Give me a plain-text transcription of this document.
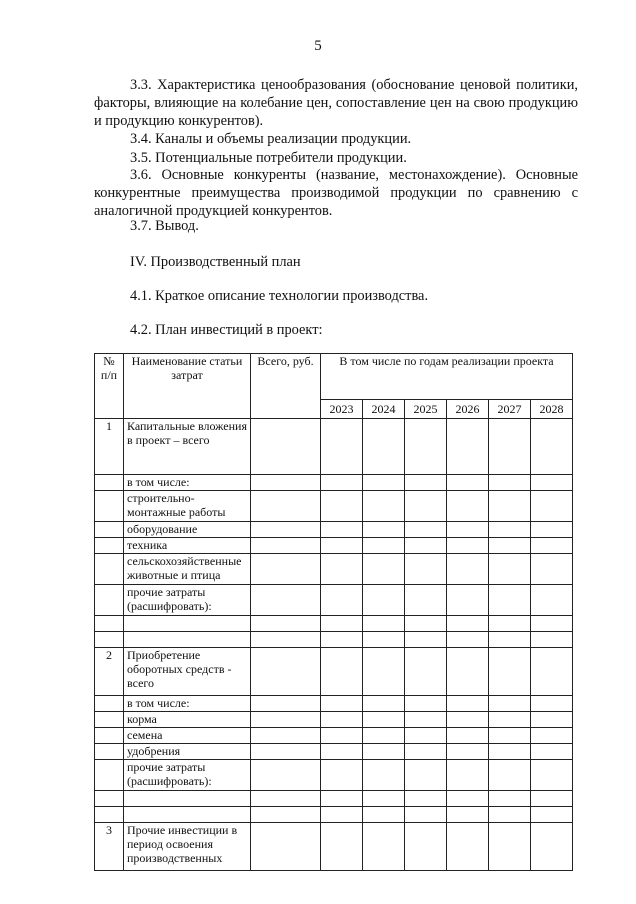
5

3.3. Характеристика ценообразования (обоснование ценовой политики, факторы, влияющие на колебание цен, сопоставление цен на свою продукцию и продукцию конкурентов).

3.4. Каналы и объемы реализации продукции.
3.5. Потенциальные потребители продукции.

3.6. Основные конкуренты (название, местонахождение). Основные конкурентные преимущества производимой продукции по сравнению с аналогичной продукцией конкурентов.

3.7. Вывод.
IV. Производственный план
4.1. Краткое описание технологии производства.
4.2. План инвестиций в проект:
№ п/п	Наименование статьи затрат	Всего, руб.	В том числе по годам реализации проекта					
			2023	2024	2025	2026	2027	2028
1	Капитальные вложения в проект – всего							
	в том числе:							
	строительно-монтажные работы							
	оборудование							
	техника							
	сельскохозяйственные животные и птица							
	прочие затраты (расшифровать):							

2	Приобретение оборотных средств - всего							
	в том числе:							
	корма							
	семена							
	удобрения							
	прочие затраты (расшифровать):							

3	Прочие инвестиции в период освоения производственных							
